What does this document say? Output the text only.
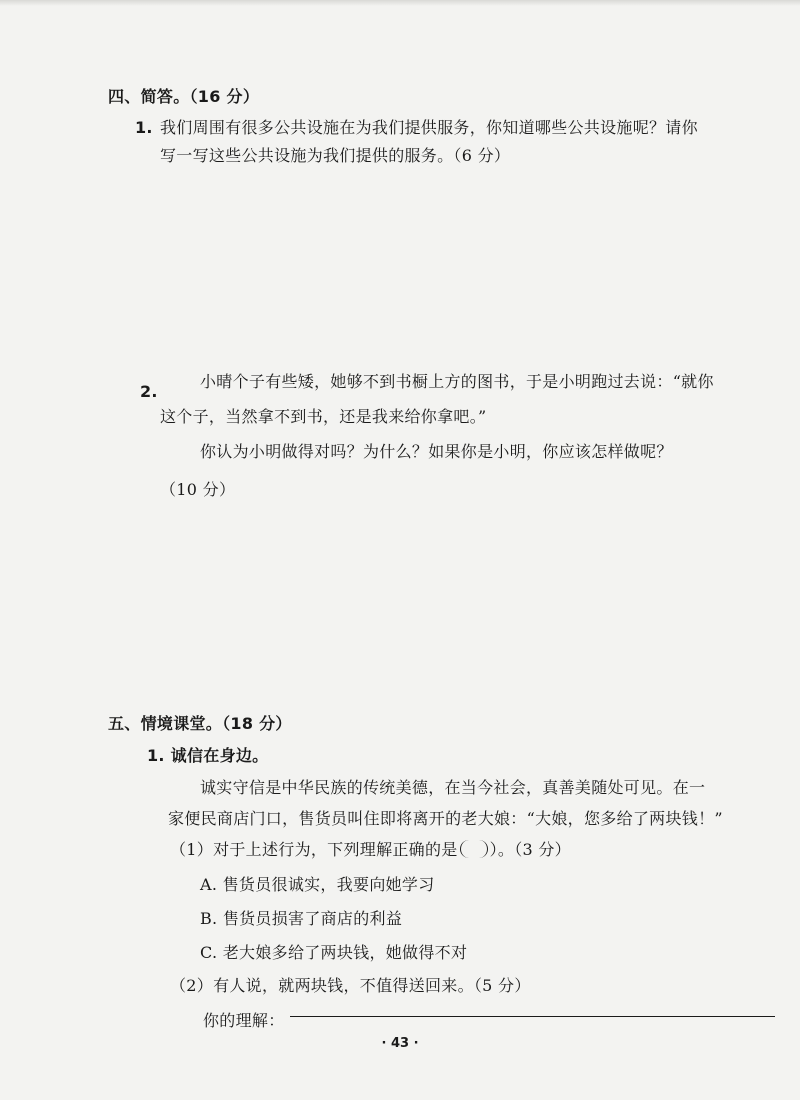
四、简答。（16 分）
1. 我们周围有很多公共设施在为我们提供服务，你知道哪些公共设施呢？请你
写一写这些公共设施为我们提供的服务。（6 分）
2.
小晴个子有些矮，她够不到书橱上方的图书，于是小明跑过去说：“就你
这个子，当然拿不到书，还是我来给你拿吧。”
你认为小明做得对吗？为什么？如果你是小明，你应该怎样做呢？
（10 分）
五、情境课堂。（18 分）
1. 诚信在身边。
诚实守信是中华民族的传统美德，在当今社会，真善美随处可见。在一
家便民商店门口，售货员叫住即将离开的老大娘：“大娘，您多给了两块钱！”
（1）对于上述行为，下列理解正确的是 ）。（3 分）
A. 售货员很诚实，我要向她学习
B. 售货员损害了商店的利益
C. 老大娘多给了两块钱，她做得不对
（2）有人说，就两块钱，不值得送回来。（5 分）
你的理解：
· 43 ·
